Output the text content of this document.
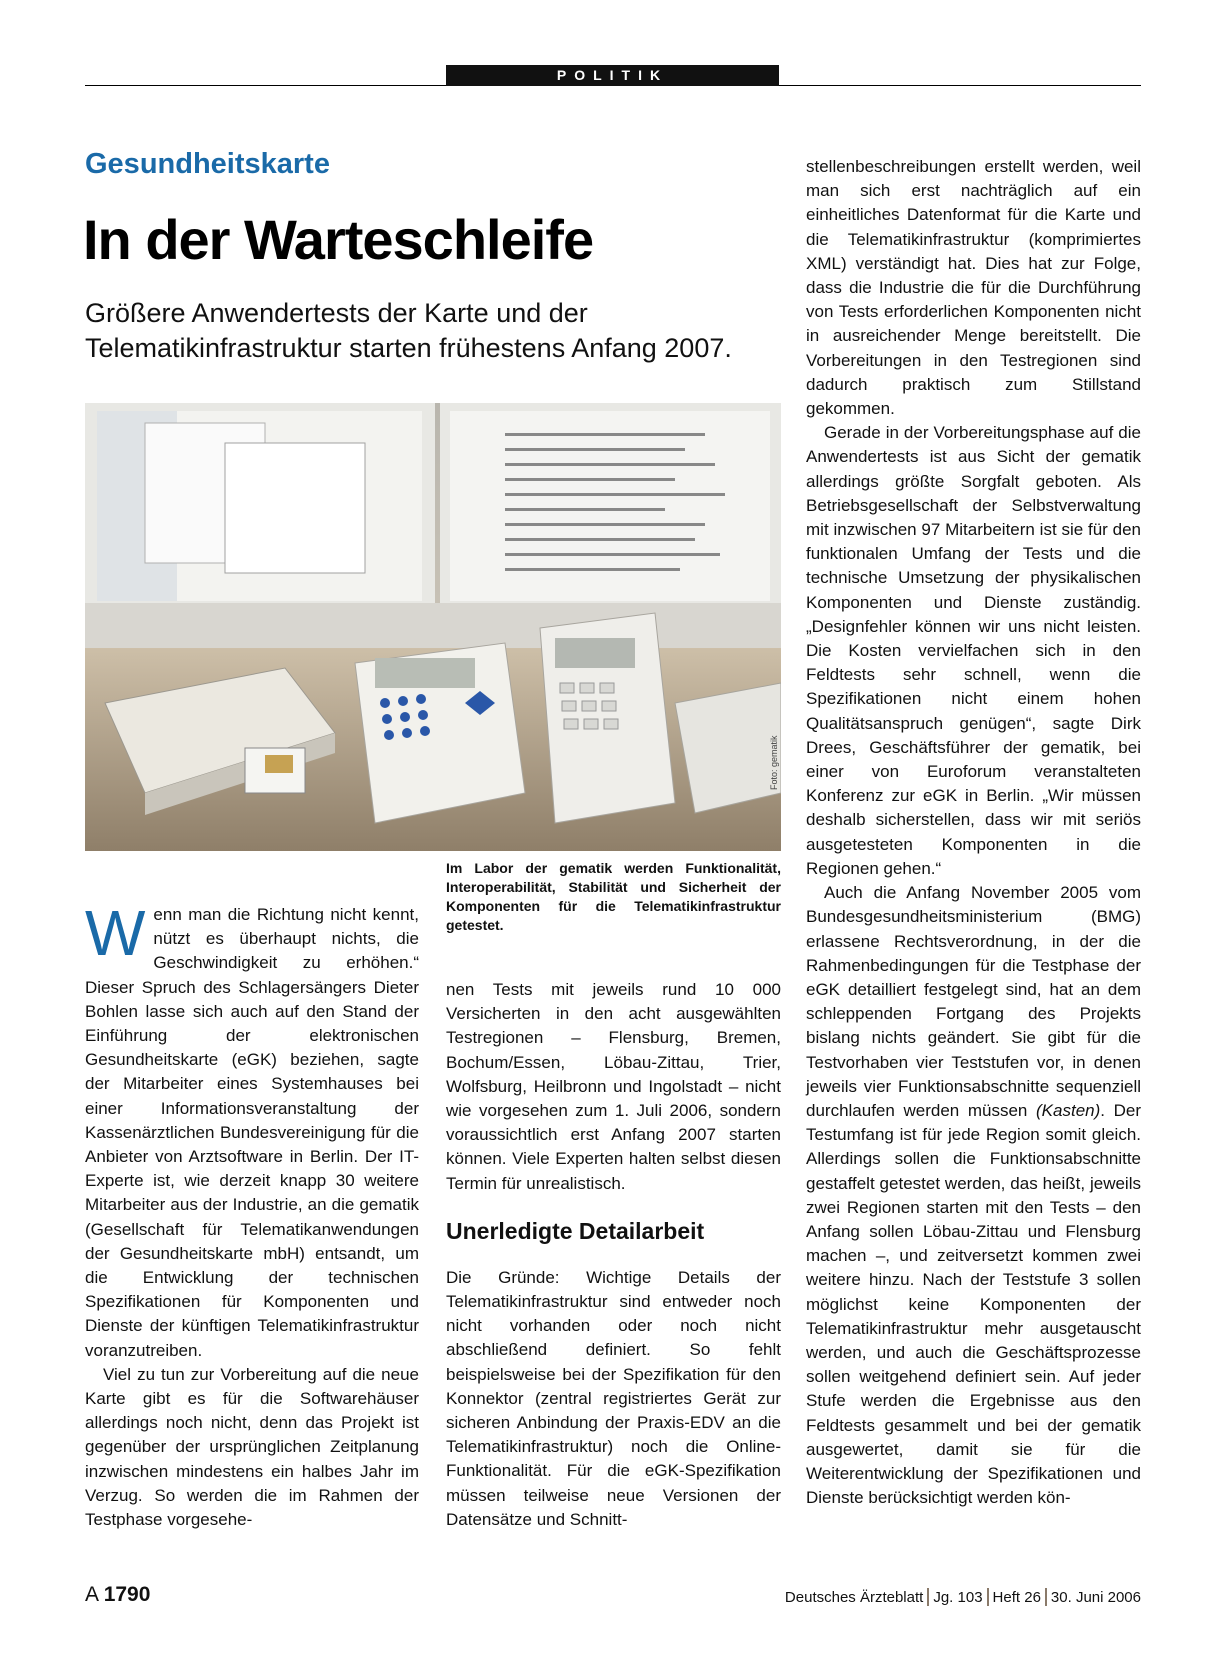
POLITIK
Gesundheitskarte
In der Warteschleife
Größere Anwendertests der Karte und der Telematikinfrastruktur starten frühestens Anfang 2007.
Foto: gematik
Im Labor der gematik werden Funktionalität, Interoperabilität, Stabilität und Sicherheit der Komponenten für die Telematikinfrastruktur getestet.
W enn man die Richtung nicht kennt, nützt es überhaupt nichts, die Geschwindigkeit zu erhöhen.“ Dieser Spruch des Schlagersängers Dieter Bohlen lasse sich auch auf den Stand der Einführung der elektronischen Gesundheitskarte (eGK) beziehen, sagte der Mitarbeiter eines Systemhauses bei einer Informationsveranstaltung der Kassenärztlichen Bundesvereinigung für die Anbieter von Arztsoftware in Berlin. Der IT-Experte ist, wie derzeit knapp 30 weitere Mitarbeiter aus der Industrie, an die gematik (Gesellschaft für Telematikanwendungen der Gesundheitskarte mbH) entsandt, um die Entwicklung der technischen Spezifikationen für Komponenten und Dienste der künftigen Telematikinfrastruktur voranzutreiben.

Viel zu tun zur Vorbereitung auf die neue Karte gibt es für die Softwarehäuser allerdings noch nicht, denn das Projekt ist gegenüber der ursprünglichen Zeitplanung inzwischen mindestens ein halbes Jahr im Verzug. So werden die im Rahmen der Testphase vorgesehe-

nen Tests mit jeweils rund 10 000 Versicherten in den acht ausgewählten Testregionen – Flensburg, Bremen, Bochum/Essen, Löbau-Zittau, Trier, Wolfsburg, Heilbronn und Ingolstadt – nicht wie vorgesehen zum 1. Juli 2006, sondern voraussichtlich erst Anfang 2007 starten können. Viele Experten halten selbst diesen Termin für unrealistisch.

Unerledigte Detailarbeit

Die Gründe: Wichtige Details der Telematikinfrastruktur sind entweder noch nicht vorhanden oder noch nicht abschließend definiert. So fehlt beispielsweise bei der Spezifikation für den Konnektor (zentral registriertes Gerät zur sicheren Anbindung der Praxis-EDV an die Telematikinfrastruktur) noch die Online-Funktionalität. Für die eGK-Spezifikation müssen teilweise neue Versionen der Datensätze und Schnitt-

stellenbeschreibungen erstellt werden, weil man sich erst nachträglich auf ein einheitliches Datenformat für die Karte und die Telematikinfrastruktur (komprimiertes XML) verständigt hat. Dies hat zur Folge, dass die Industrie die für die Durchführung von Tests erforderlichen Komponenten nicht in ausreichender Menge bereitstellt. Die Vorbereitungen in den Testregionen sind dadurch praktisch zum Stillstand gekommen.

Gerade in der Vorbereitungsphase auf die Anwendertests ist aus Sicht der gematik allerdings größte Sorgfalt geboten. Als Betriebsgesellschaft der Selbstverwaltung mit inzwischen 97 Mitarbeitern ist sie für den funktionalen Umfang der Tests und die technische Umsetzung der physikalischen Komponenten und Dienste zuständig. „Designfehler können wir uns nicht leisten. Die Kosten vervielfachen sich in den Feldtests sehr schnell, wenn die Spezifikationen nicht einem hohen Qualitätsanspruch genügen“, sagte Dirk Drees, Geschäftsführer der gematik, bei einer von Euroforum veranstalteten Konferenz zur eGK in Berlin. „Wir müssen deshalb sicherstellen, dass wir mit seriös ausgetesteten Komponenten in die Regionen gehen.“

Auch die Anfang November 2005 vom Bundesgesundheitsministerium (BMG) erlassene Rechtsverordnung, in der die Rahmenbedingungen für die Testphase der eGK detailliert festgelegt sind, hat an dem schleppenden Fortgang des Projekts bislang nichts geändert. Sie gibt für die Testvorhaben vier Teststufen vor, in denen jeweils vier Funktionsabschnitte sequenziell durchlaufen werden müssen (Kasten). Der Testumfang ist für jede Region somit gleich. Allerdings sollen die Funktionsabschnitte gestaffelt getestet werden, das heißt, jeweils zwei Regionen starten mit den Tests – den Anfang sollen Löbau-Zittau und Flensburg machen –, und zeitversetzt kommen zwei weitere hinzu. Nach der Teststufe 3 sollen möglichst keine Komponenten der Telematikinfrastruktur mehr ausgetauscht werden, und auch die Geschäftsprozesse sollen weitgehend definiert sein. Auf jeder Stufe werden die Ergebnisse aus den Feldtests gesammelt und bei der gematik ausgewertet, damit sie für die Weiterentwicklung der Spezifikationen und Dienste berücksichtigt werden kön-

A 1790	Deutsches Ärzteblatt Jg. 103 Heft 26 30. Juni 2006
